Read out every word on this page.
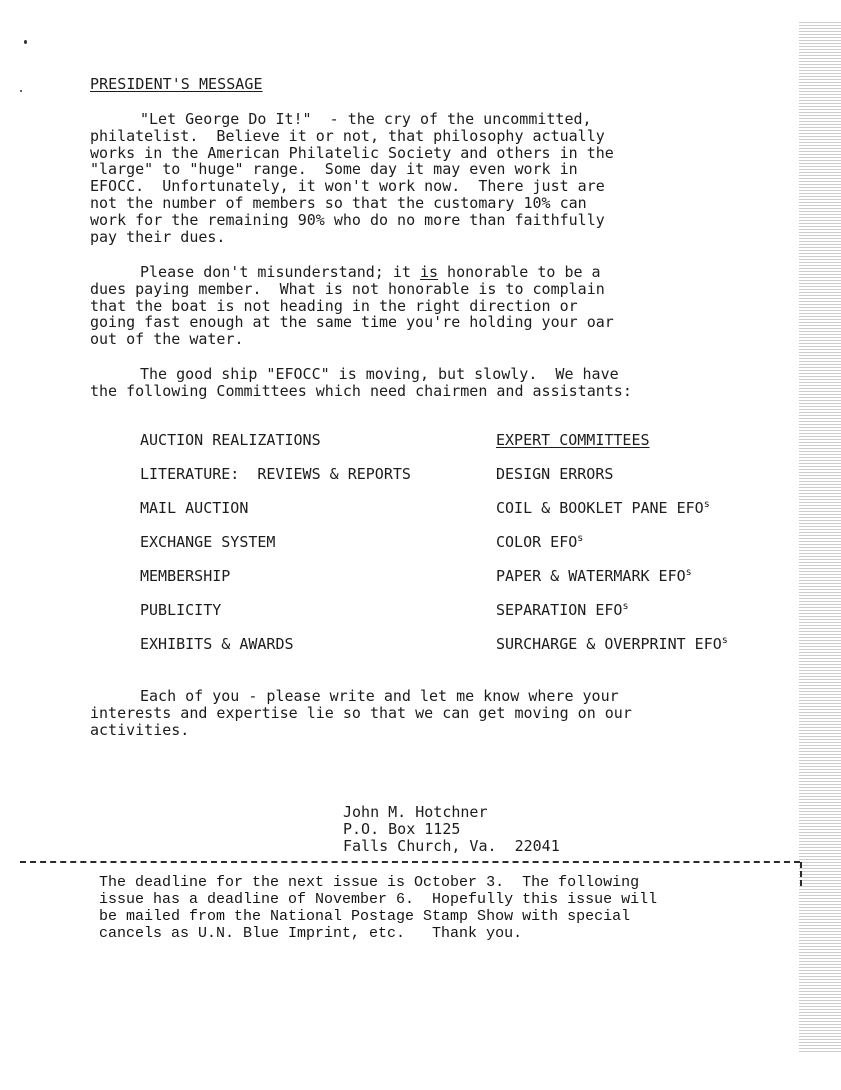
PRESIDENT'S MESSAGE
"Let George Do It!"  - the cry of the uncommitted,
philatelist.  Believe it or not, that philosophy actually
works in the American Philatelic Society and others in the
"large" to "huge" range.  Some day it may even work in
EFOCC.  Unfortunately, it won't work now.  There just are
not the number of members so that the customary 10% can
work for the remaining 90% who do no more than faithfully
pay their dues.
Please don't misunderstand; it is honorable to be a
dues paying member.  What is not honorable is to complain
that the boat is not heading in the right direction or
going fast enough at the same time you're holding your oar
out of the water.
The good ship "EFOCC" is moving, but slowly.  We have
the following Committees which need chairmen and assistants:
AUCTION REALIZATIONS
LITERATURE:  REVIEWS & REPORTS
MAIL AUCTION
EXCHANGE SYSTEM
MEMBERSHIP
PUBLICITY
EXHIBITS & AWARDS
EXPERT COMMITTEES
DESIGN ERRORS
COIL & BOOKLET PANE EFO$^s$
COLOR EFO$^s$
PAPER & WATERMARK EFO$^s$
SEPARATION EFO$^s$
SURCHARGE & OVERPRINT EFO$^s$
Each of you - please write and let me know where your
interests and expertise lie so that we can get moving on our
activities.
John M. Hotchner
P.O. Box 1125
Falls Church, Va.  22041
The deadline for the next issue is October 3.  The following
issue has a deadline of November 6.  Hopefully this issue will
be mailed from the National Postage Stamp Show with special
cancels as U.N. Blue Imprint, etc.   Thank you.
